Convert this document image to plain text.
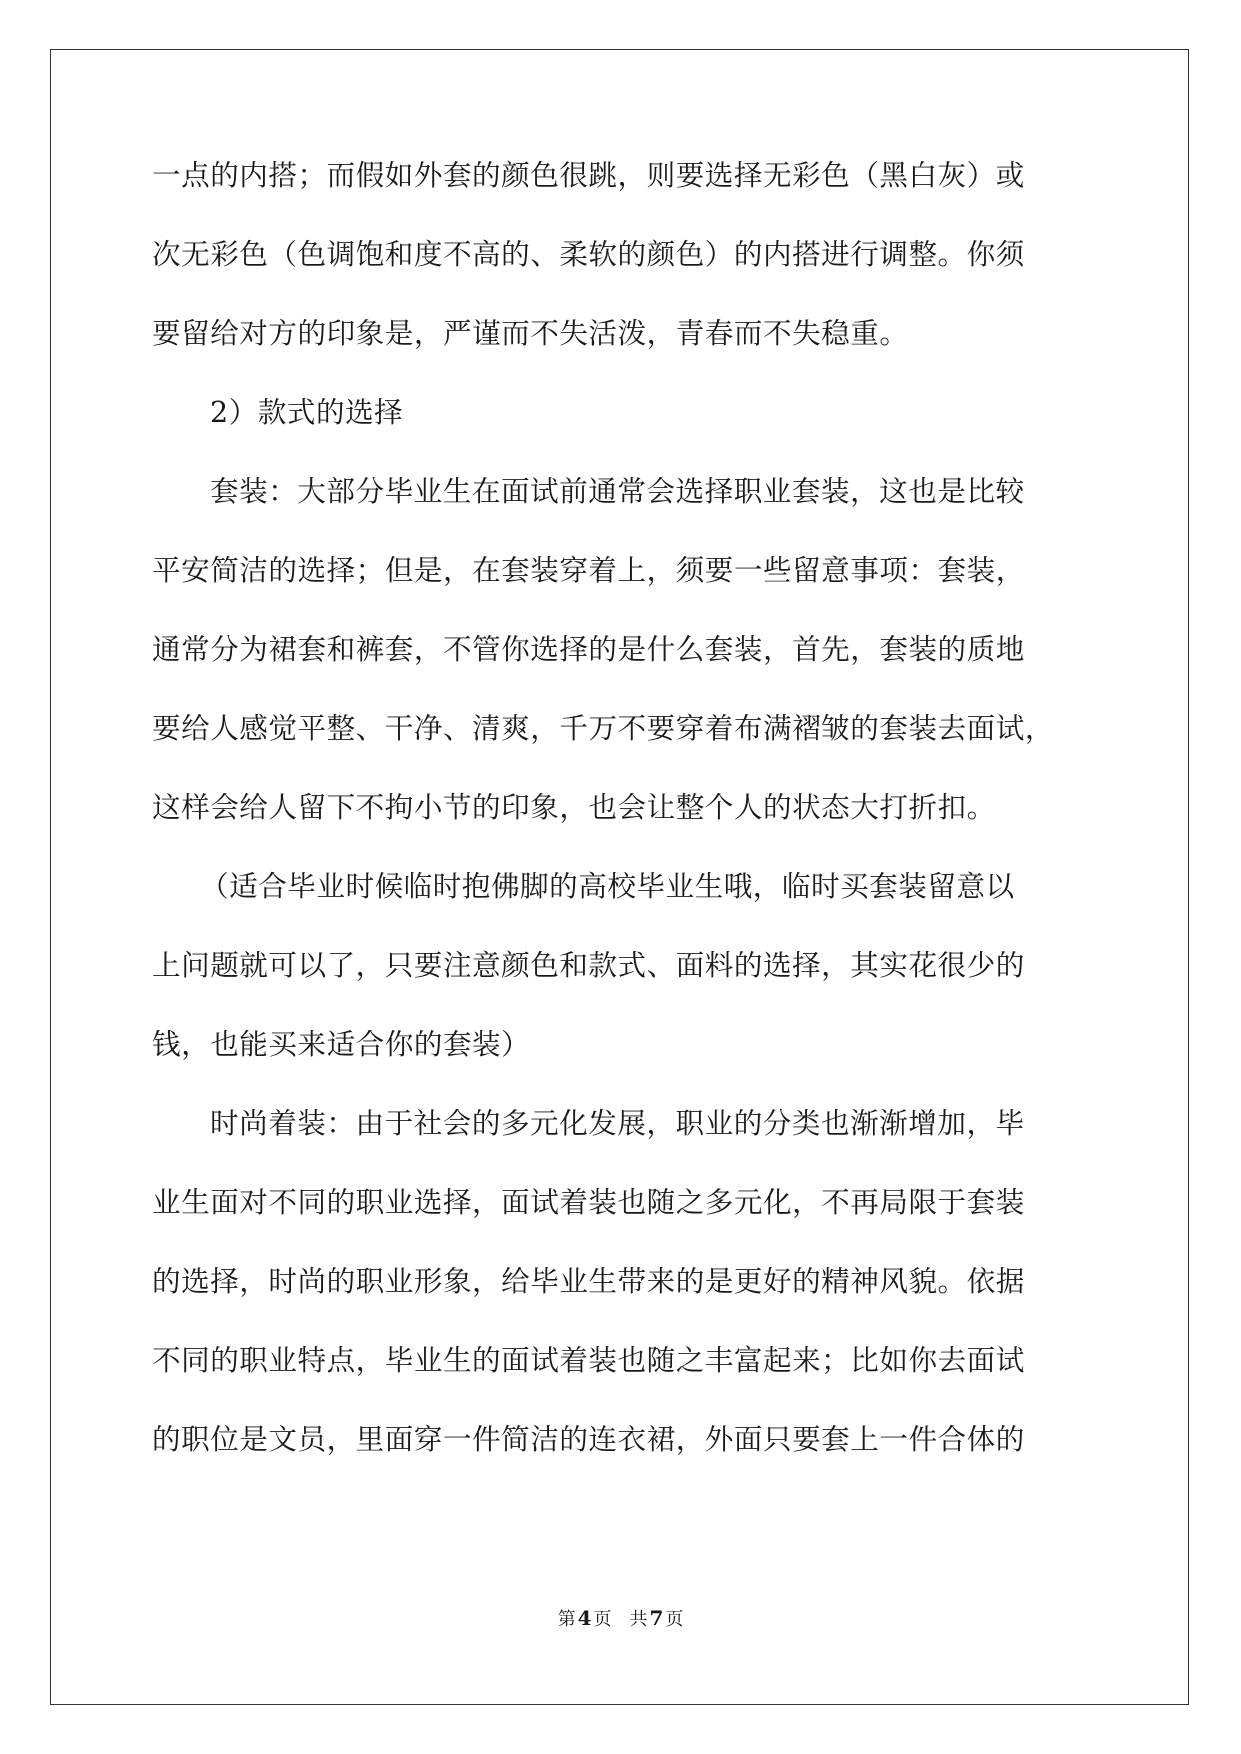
一点的内搭；而假如外套的颜色很跳，则要选择无彩色（黑白灰）或
次无彩色（色调饱和度不高的、柔软的颜色）的内搭进行调整。你须
要留给对方的印象是，严谨而不失活泼，青春而不失稳重。
2）款式的选择
套装：大部分毕业生在面试前通常会选择职业套装，这也是比较
平安简洁的选择；但是，在套装穿着上，须要一些留意事项：套装，
通常分为裙套和裤套，不管你选择的是什么套装，首先，套装的质地
要给人感觉平整、干净、清爽，千万不要穿着布满褶皱的套装去面试，
这样会给人留下不拘小节的印象，也会让整个人的状态大打折扣。
（适合毕业时候临时抱佛脚的高校毕业生哦，临时买套装留意以
上问题就可以了，只要注意颜色和款式、面料的选择，其实花很少的
钱，也能买来适合你的套装）
时尚着装：由于社会的多元化发展，职业的分类也渐渐增加，毕
业生面对不同的职业选择，面试着装也随之多元化，不再局限于套装
的选择，时尚的职业形象，给毕业生带来的是更好的精神风貌。依据
不同的职业特点，毕业生的面试着装也随之丰富起来；比如你去面试
的职位是文员，里面穿一件简洁的连衣裙，外面只要套上一件合体的
第 4 页 共 7 页
